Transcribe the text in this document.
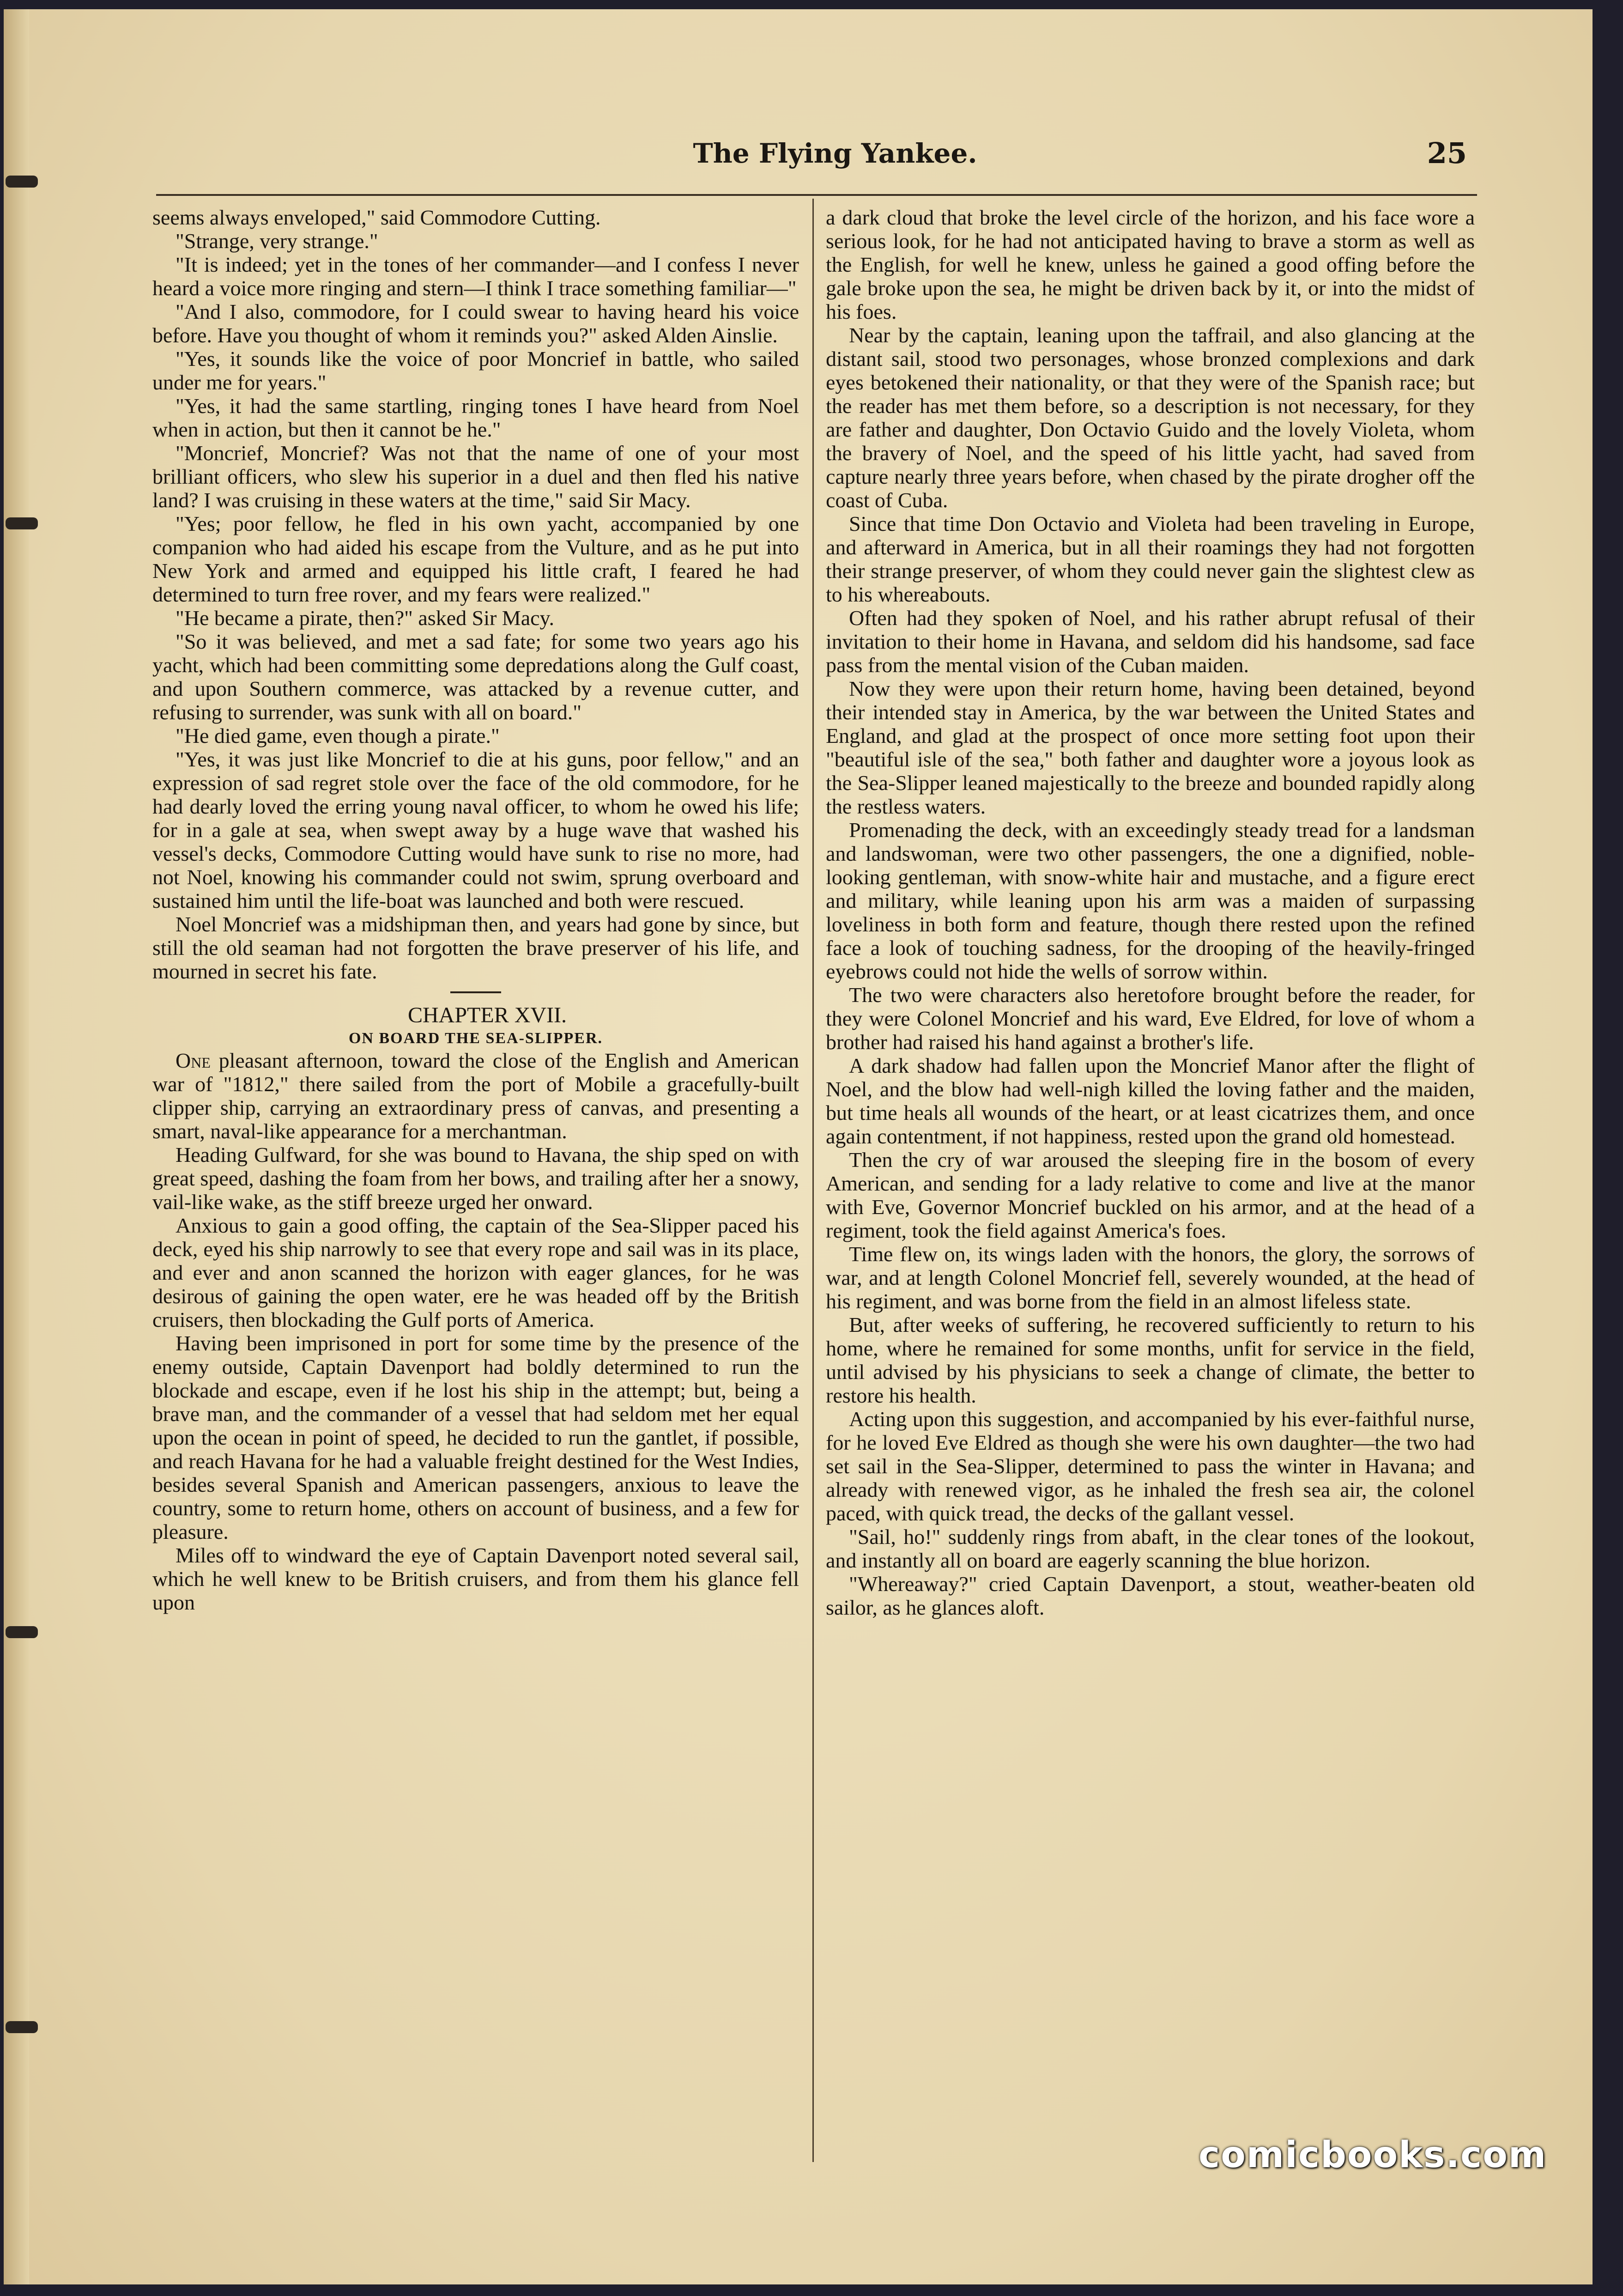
The Flying Yankee.	25

seems always enveloped," said Commodore Cutting.

"Strange, very strange."

"It is indeed; yet in the tones of her commander—and I confess I never heard a voice more ringing and stern—I think I trace something familiar—"

"And I also, commodore, for I could swear to having heard his voice before. Have you thought of whom it reminds you?" asked Alden Ainslie.

"Yes, it sounds like the voice of poor Moncrief in battle, who sailed under me for years."

"Yes, it had the same startling, ringing tones I have heard from Noel when in action, but then it cannot be he."

"Moncrief, Moncrief? Was not that the name of one of your most brilliant officers, who slew his superior in a duel and then fled his native land? I was cruising in these waters at the time," said Sir Macy.

"Yes; poor fellow, he fled in his own yacht, accompanied by one companion who had aided his escape from the Vulture, and as he put into New York and armed and equipped his little craft, I feared he had determined to turn free rover, and my fears were realized."

"He became a pirate, then?" asked Sir Macy.

"So it was believed, and met a sad fate; for some two years ago his yacht, which had been committing some depredations along the Gulf coast, and upon Southern commerce, was attacked by a revenue cutter, and refusing to surrender, was sunk with all on board."

"He died game, even though a pirate."

"Yes, it was just like Moncrief to die at his guns, poor fellow," and an expression of sad regret stole over the face of the old commodore, for he had dearly loved the erring young naval officer, to whom he owed his life; for in a gale at sea, when swept away by a huge wave that washed his vessel's decks, Commodore Cutting would have sunk to rise no more, had not Noel, knowing his commander could not swim, sprung overboard and sustained him until the life-boat was launched and both were rescued.

Noel Moncrief was a midshipman then, and years had gone by since, but still the old seaman had not forgotten the brave preserver of his life, and mourned in secret his fate.

CHAPTER XVII.

ON BOARD THE SEA-SLIPPER.

One pleasant afternoon, toward the close of the English and American war of "1812," there sailed from the port of Mobile a gracefully-built clipper ship, carrying an extraordinary press of canvas, and presenting a smart, naval-like appearance for a merchantman.

Heading Gulfward, for she was bound to Havana, the ship sped on with great speed, dashing the foam from her bows, and trailing after her a snowy, vail-like wake, as the stiff breeze urged her onward.

Anxious to gain a good offing, the captain of the Sea-Slipper paced his deck, eyed his ship narrowly to see that every rope and sail was in its place, and ever and anon scanned the horizon with eager glances, for he was desirous of gaining the open water, ere he was headed off by the British cruisers, then blockading the Gulf ports of America.

Having been imprisoned in port for some time by the presence of the enemy outside, Captain Davenport had boldly determined to run the blockade and escape, even if he lost his ship in the attempt; but, being a brave man, and the commander of a vessel that had seldom met her equal upon the ocean in point of speed, he decided to run the gantlet, if possible, and reach Havana for he had a valuable freight destined for the West Indies, besides several Spanish and American passengers, anxious to leave the country, some to return home, others on account of business, and a few for pleasure.

Miles off to windward the eye of Captain Davenport noted several sail, which he well knew to be British cruisers, and from them his glance fell upon

a dark cloud that broke the level circle of the horizon, and his face wore a serious look, for he had not anticipated having to brave a storm as well as the English, for well he knew, unless he gained a good offing before the gale broke upon the sea, he might be driven back by it, or into the midst of his foes.

Near by the captain, leaning upon the taffrail, and also glancing at the distant sail, stood two personages, whose bronzed complexions and dark eyes betokened their nationality, or that they were of the Spanish race; but the reader has met them before, so a description is not necessary, for they are father and daughter, Don Octavio Guido and the lovely Violeta, whom the bravery of Noel, and the speed of his little yacht, had saved from capture nearly three years before, when chased by the pirate drogher off the coast of Cuba.

Since that time Don Octavio and Violeta had been traveling in Europe, and afterward in America, but in all their roamings they had not forgotten their strange preserver, of whom they could never gain the slightest clew as to his whereabouts.

Often had they spoken of Noel, and his rather abrupt refusal of their invitation to their home in Havana, and seldom did his handsome, sad face pass from the mental vision of the Cuban maiden.

Now they were upon their return home, having been detained, beyond their intended stay in America, by the war between the United States and England, and glad at the prospect of once more setting foot upon their "beautiful isle of the sea," both father and daughter wore a joyous look as the Sea-Slipper leaned majestically to the breeze and bounded rapidly along the restless waters.

Promenading the deck, with an exceedingly steady tread for a landsman and landswoman, were two other passengers, the one a dignified, noble-looking gentleman, with snow-white hair and mustache, and a figure erect and military, while leaning upon his arm was a maiden of surpassing loveliness in both form and feature, though there rested upon the refined face a look of touching sadness, for the drooping of the heavily-fringed eyebrows could not hide the wells of sorrow within.

The two were characters also heretofore brought before the reader, for they were Colonel Moncrief and his ward, Eve Eldred, for love of whom a brother had raised his hand against a brother's life.

A dark shadow had fallen upon the Moncrief Manor after the flight of Noel, and the blow had well-nigh killed the loving father and the maiden, but time heals all wounds of the heart, or at least cicatrizes them, and once again contentment, if not happiness, rested upon the grand old homestead.

Then the cry of war aroused the sleeping fire in the bosom of every American, and sending for a lady relative to come and live at the manor with Eve, Governor Moncrief buckled on his armor, and at the head of a regiment, took the field against America's foes.

Time flew on, its wings laden with the honors, the glory, the sorrows of war, and at length Colonel Moncrief fell, severely wounded, at the head of his regiment, and was borne from the field in an almost lifeless state.

But, after weeks of suffering, he recovered sufficiently to return to his home, where he remained for some months, unfit for service in the field, until advised by his physicians to seek a change of climate, the better to restore his health.

Acting upon this suggestion, and accompanied by his ever-faithful nurse, for he loved Eve Eldred as though she were his own daughter—the two had set sail in the Sea-Slipper, determined to pass the winter in Havana; and already with renewed vigor, as he inhaled the fresh sea air, the colonel paced, with quick tread, the decks of the gallant vessel.

"Sail, ho!" suddenly rings from abaft, in the clear tones of the lookout, and instantly all on board are eagerly scanning the blue horizon.

"Whereaway?" cried Captain Davenport, a stout, weather-beaten old sailor, as he glances aloft.

comicbooks.com
